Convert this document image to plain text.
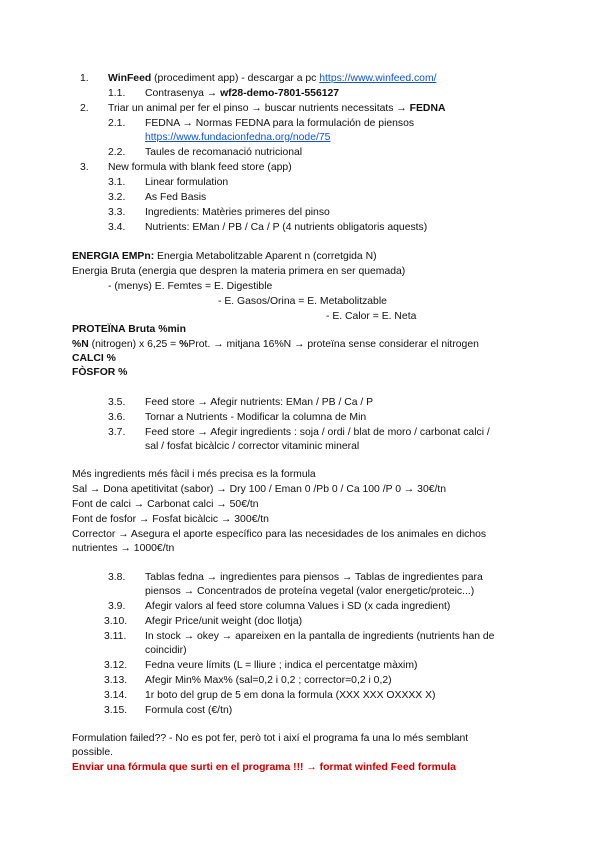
1. WinFeed (procediment app) - descargar a pc https://www.winfeed.com/
1.1. Contrasenya → wf28-demo-7801-556127
2. Triar un animal per fer el pinso → buscar nutrients necessitats → FEDNA
2.1. FEDNA → Normas FEDNA para la formulación de piensos
https://www.fundacionfedna.org/node/75
2.2. Taules de recomanació nutricional
3. New formula with blank feed store (app)
3.1. Linear formulation
3.2. As Fed Basis
3.3. Ingredients: Matèries primeres del pinso
3.4. Nutrients: EMan / PB / Ca / P (4 nutrients obligatoris aquests)
ENERGIA EMPn: Energia Metabolitzable Aparent n (corretgida N)
Energia Bruta (energia que despren la materia primera en ser quemada)
- (menys) E. Femtes = E. Digestible
- E. Gasos/Orina = E. Metabolitzable
- E. Calor = E. Neta
PROTEÏNA Bruta %min
%N (nitrogen) x 6,25 = %Prot. → mitjana 16%N → proteïna sense considerar el nitrogen
CALCI %
FÒSFOR %
3.5. Feed store → Afegir nutrients: EMan / PB / Ca / P
3.6. Tornar a Nutrients - Modificar la columna de Min
3.7. Feed store → Afegir ingredients : soja / ordi / blat de moro / carbonat calci /
sal / fosfat bicàlcic / corrector vitaminic mineral
Més ingredients més fàcil i més precisa es la formula
Sal → Dona apetitivitat (sabor) → Dry 100 / Eman 0 /Pb 0 / Ca 100 /P 0 → 30€/tn
Font de calci → Carbonat calci → 50€/tn
Font de fosfor → Fosfat bicàlcic → 300€/tn
Corrector → Asegura el aporte específico para las necesidades de los animales en dichos
nutrientes → 1000€/tn
3.8. Tablas fedna → ingredientes para piensos → Tablas de ingredientes para
piensos → Concentrados de proteína vegetal (valor energetic/proteic...)
3.9. Afegir valors al feed store columna Values i SD (x cada ingredient)
3.10. Afegir Price/unit weight (doc llotja)
3.11. In stock → okey → apareixen en la pantalla de ingredients (nutrients han de
coincidir)
3.12. Fedna veure límits (L = lliure ; indica el percentatge màxim)
3.13. Afegir Min% Max% (sal=0,2 i 0,2 ; corrector=0,2 i 0,2)
3.14. 1r boto del grup de 5 em dona la formula (XXX XXX OXXXX X)
3.15. Formula cost (€/tn)
Formulation failed?? - No es pot fer, però tot i així el programa fa una lo més semblant
possible.
Enviar una fórmula que surti en el programa !!! → format winfed Feed formula
